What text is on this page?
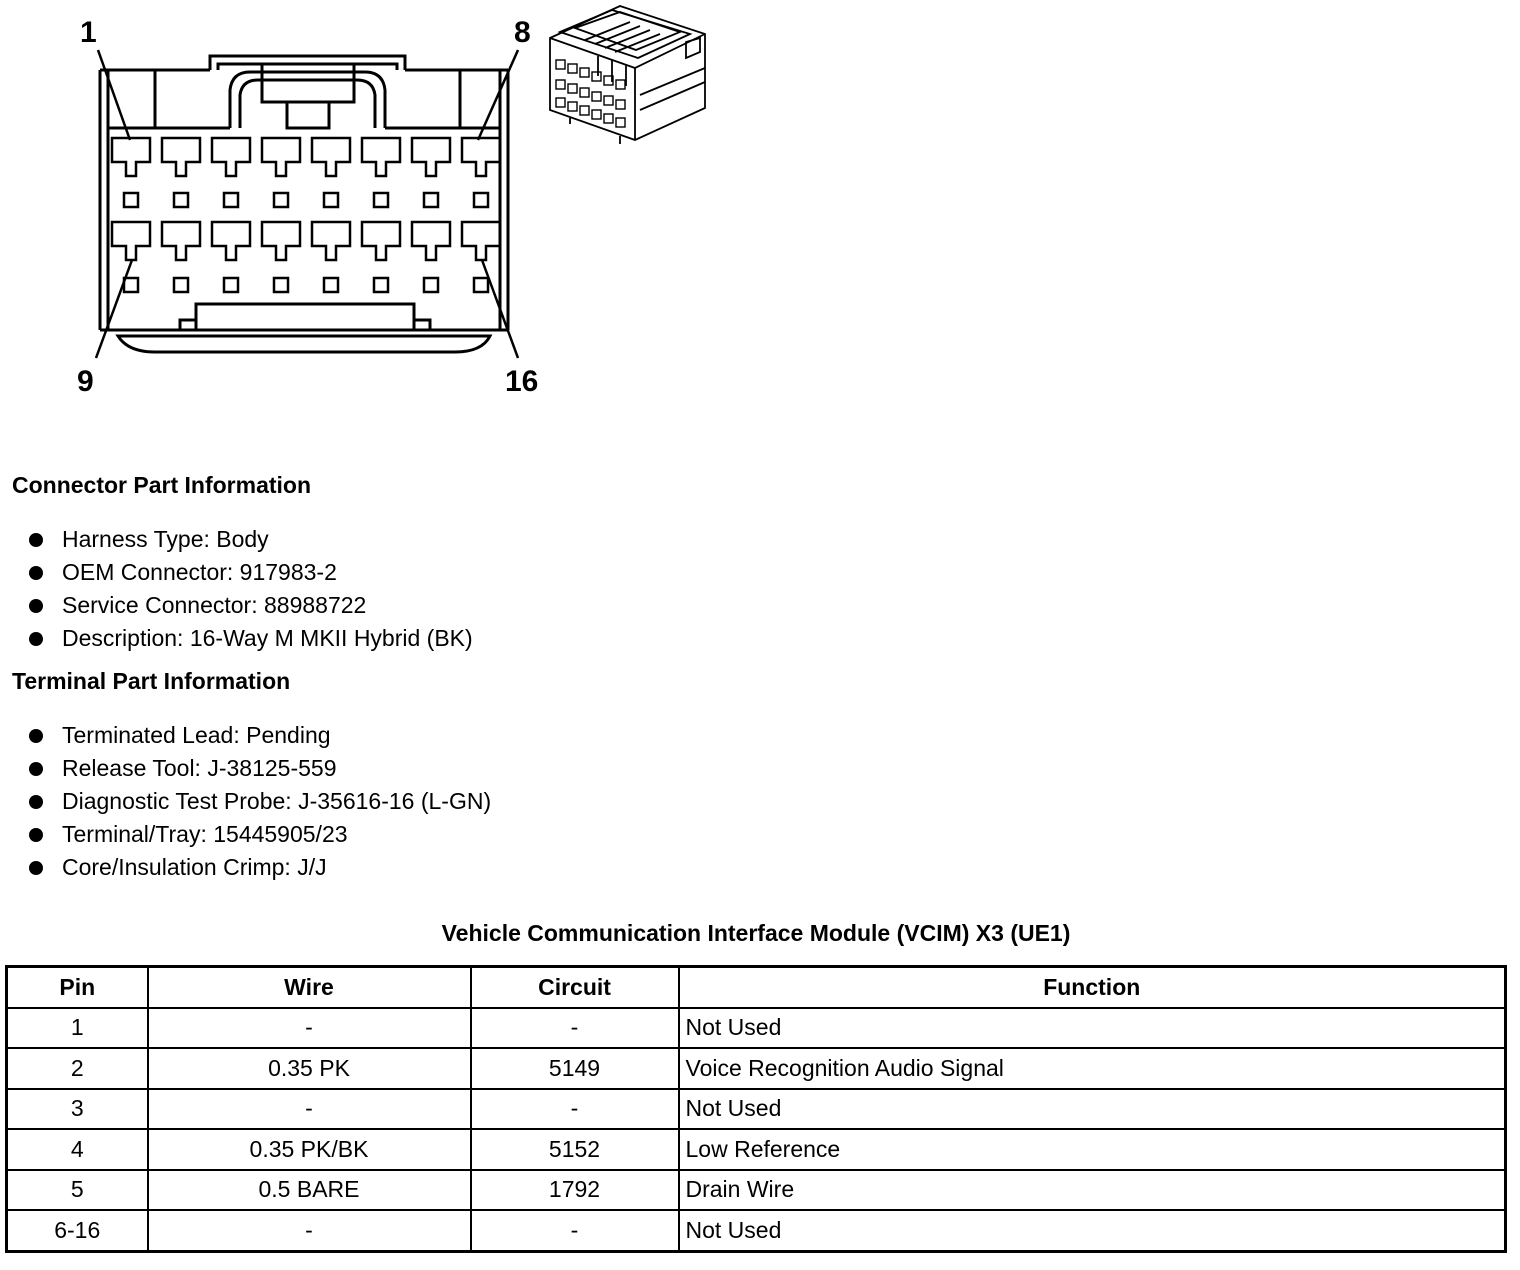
1	8
9	16
Connector Part Information
Harness Type: Body
OEM Connector: 917983-2
Service Connector: 88988722
Description: 16-Way M MKII Hybrid (BK)
Terminal Part Information
Terminated Lead: Pending
Release Tool: J-38125-559
Diagnostic Test Probe: J-35616-16 (L-GN)
Terminal/Tray: 15445905/23
Core/Insulation Crimp: J/J
Vehicle Communication Interface Module (VCIM) X3 (UE1)
Pin	Wire	Circuit	Function
1	-	-	Not Used
2	0.35 PK	5149	Voice Recognition Audio Signal
3	-	-	Not Used
4	0.35 PK/BK	5152	Low Reference
5	0.5 BARE	1792	Drain Wire
6-16	-	-	Not Used
